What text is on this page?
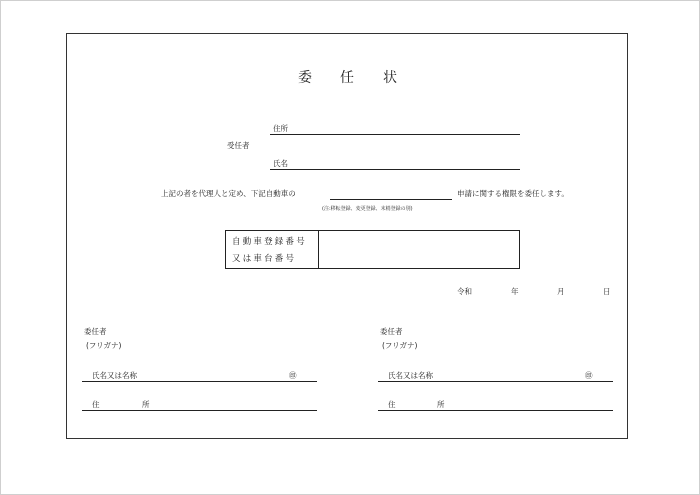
委 任 状
受任者
住所
氏名
上記の者を代理人と定め、下記自動車の	申請に関する権限を委任します。
(注:移転登録、変更登録、末梢登録の別)
自動車登録番号
又は車台番号
令和	年	月	日
委任者
(フリガナ)
氏名又は名称	㊞
住	所
委任者
(フリガナ)
氏名又は名称	㊞
住	所
